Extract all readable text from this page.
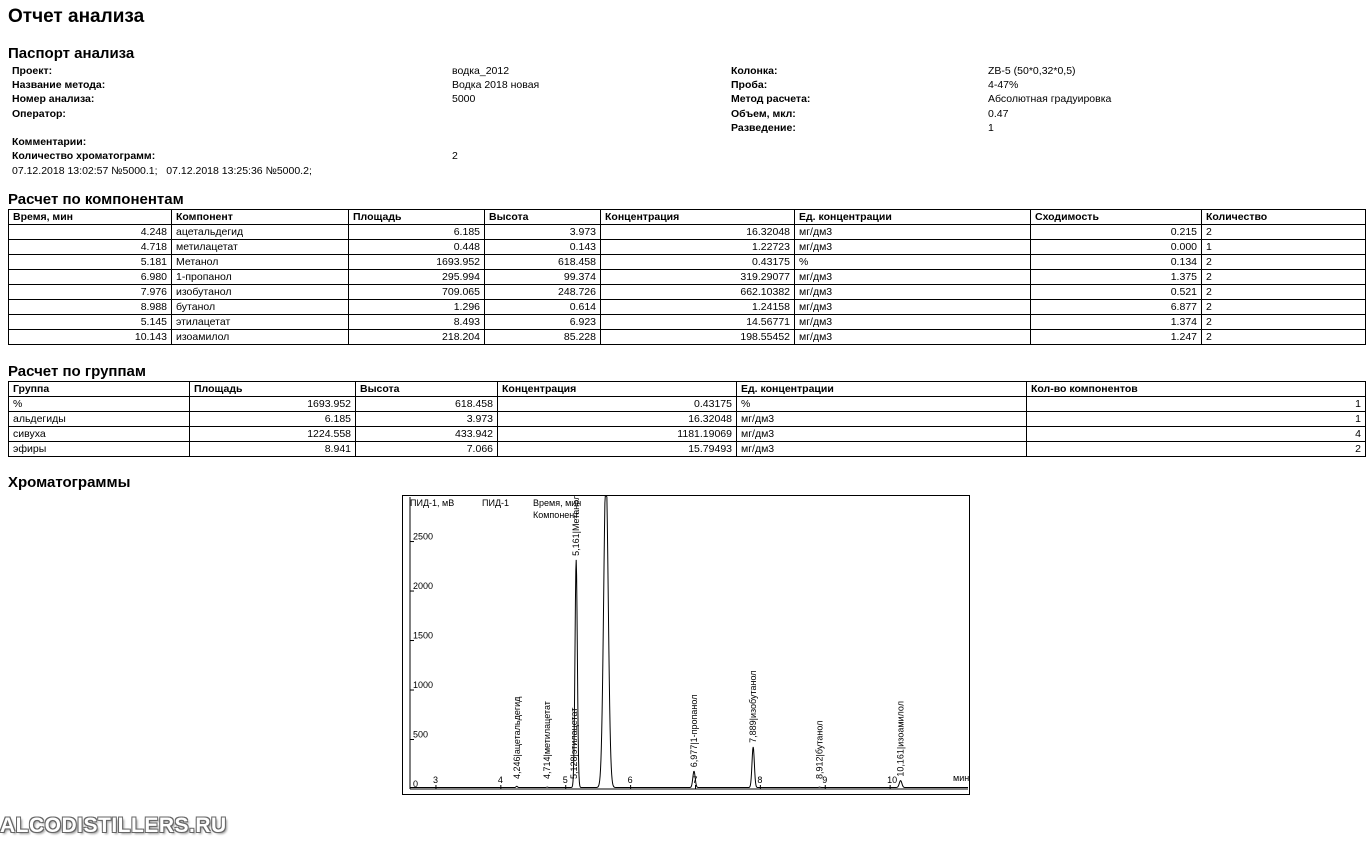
Отчет анализа
Паспорт анализа
Проект:	водка_2012
Название метода:	Водка 2018 новая
Номер анализа:	5000
Оператор:
Колонка:	ZB-5 (50*0,32*0,5)
Проба:	4-47%
Метод расчета:	Абсолютная градуировка
Объем, мкл:	0.47
Разведение:	1
Комментарии:
Количество хроматограмм:	2
07.12.2018 13:02:57 №5000.1;   07.12.2018 13:25:36 №5000.2;
Расчет по компонентам
Время, мин	Компонент	Площадь	Высота	Концентрация	Ед. концентрации	Сходимость	Количество
4.248	ацетальдегид	6.185	3.973	16.32048	мг/дм3	0.215	2
4.718	метилацетат	0.448	0.143	1.22723	мг/дм3	0.000	1
5.181	Метанол	1693.952	618.458	0.43175	%	0.134	2
6.980	1-пропанол	295.994	99.374	319.29077	мг/дм3	1.375	2
7.976	изобутанол	709.065	248.726	662.10382	мг/дм3	0.521	2
8.988	бутанол	1.296	0.614	1.24158	мг/дм3	6.877	2
5.145	этилацетат	8.493	6.923	14.56771	мг/дм3	1.374	2
10.143	изоамилол	218.204	85.228	198.55452	мг/дм3	1.247	2
Расчет по группам
Группа	Площадь	Высота	Концентрация	Ед. концентрации	Кол-во компонентов
%	1693.952	618.458	0.43175	%	1
альдегиды	6.185	3.973	16.32048	мг/дм3	1
сивуха	1224.558	433.942	1181.19069	мг/дм3	4
эфиры	8.941	7.066	15.79493	мг/дм3	2
Хроматограммы
0
500
1000
1500
2000
2500
3	4	5	6	7	8	9	10
4,246|ацетальдегид 4,714|метилацетат 5,128|этилацетат
5,161|Метанол
6,977|1-пропанол	7,889|изобутанол
8,912|бутанол	10,161|изоамилол
ПИД-1, мВ	ПИД-1	Время, мин
Компонент
мин
ALCODISTILLERS.RU
